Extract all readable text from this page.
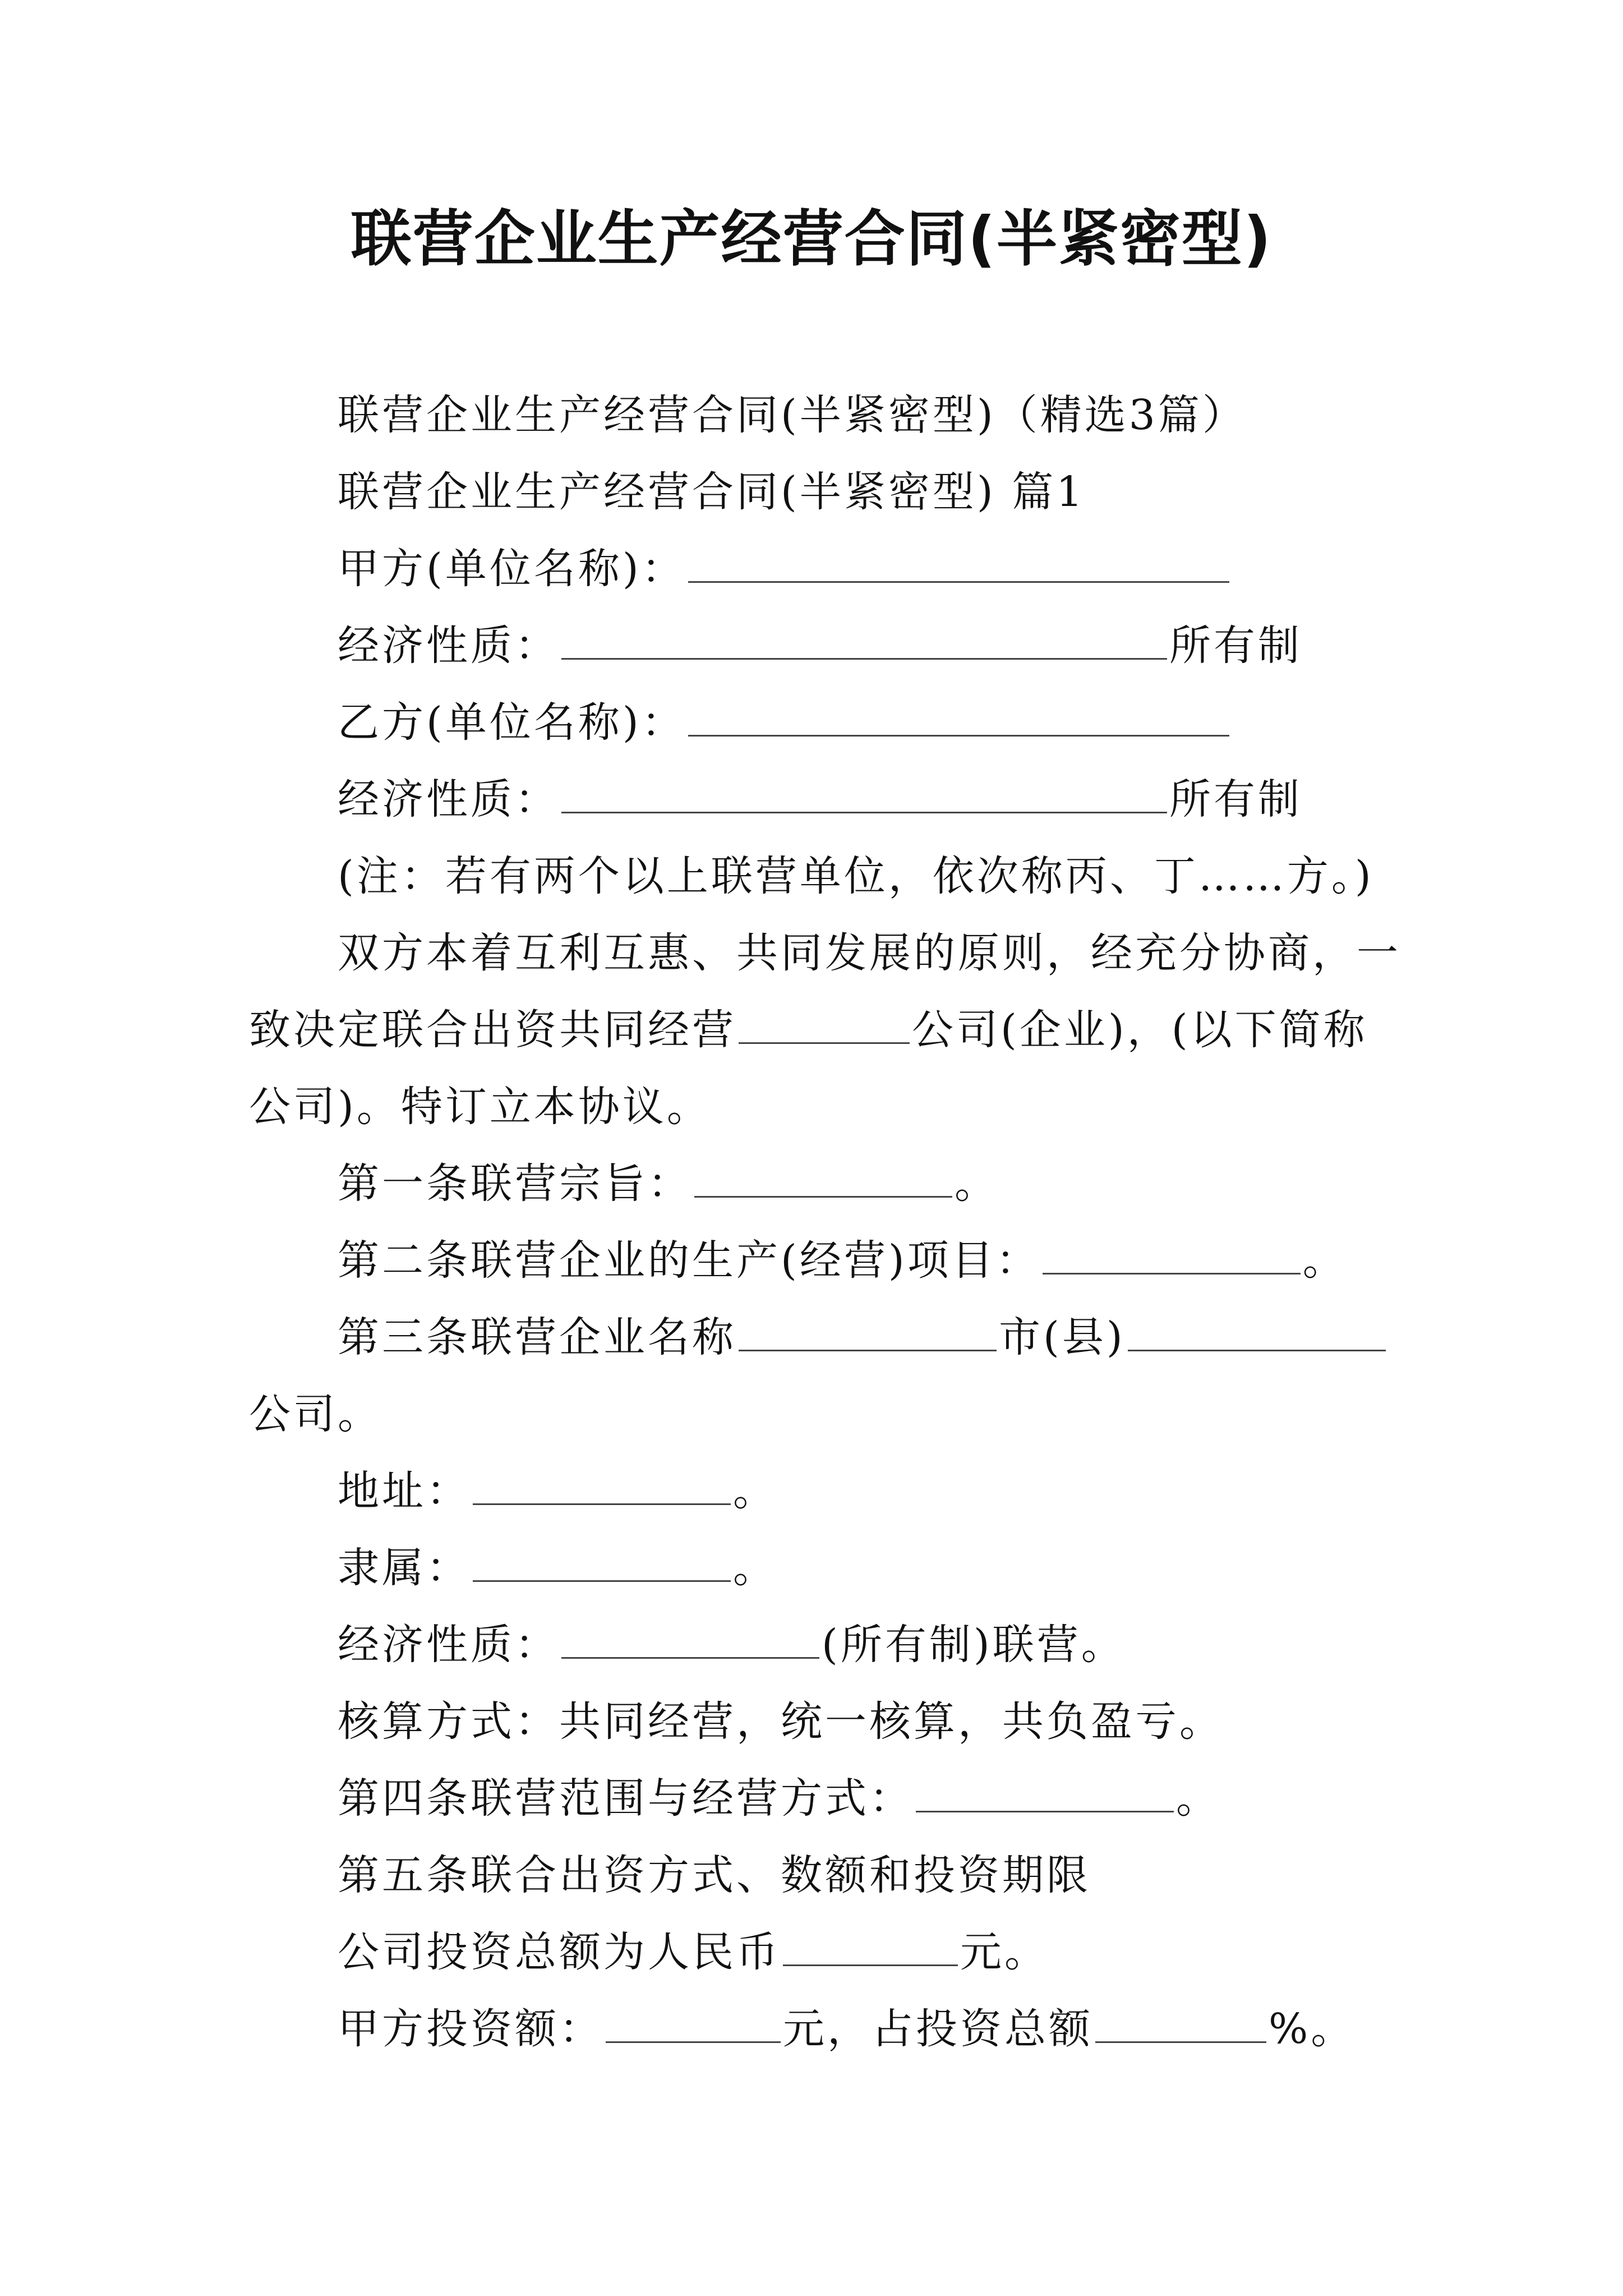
联营企业生产经营合同(半紧密型)
联营企业生产经营合同(半紧密型)（精选3篇）
联营企业生产经营合同(半紧密型) 篇1
甲方(单位名称)：
经济性质：	所有制
乙方(单位名称)：
经济性质：	所有制
(注：若有两个以上联营单位，依次称丙、丁……方。)
双方本着互利互惠、共同发展的原则，经充分协商，一
致决定联合出资共同经营	公司(企业)，(以下简称
公司)。特订立本协议。
第一条联营宗旨：	。
第二条联营企业的生产(经营)项目：	。
第三条联营企业名称	市(县)
公司。
地址：	。
隶属：	。
经济性质：	(所有制)联营。
核算方式：共同经营，统一核算，共负盈亏。
第四条联营范围与经营方式：	。
第五条联合出资方式、数额和投资期限
公司投资总额为人民币	元。
甲方投资额：	元，占投资总额	%。
